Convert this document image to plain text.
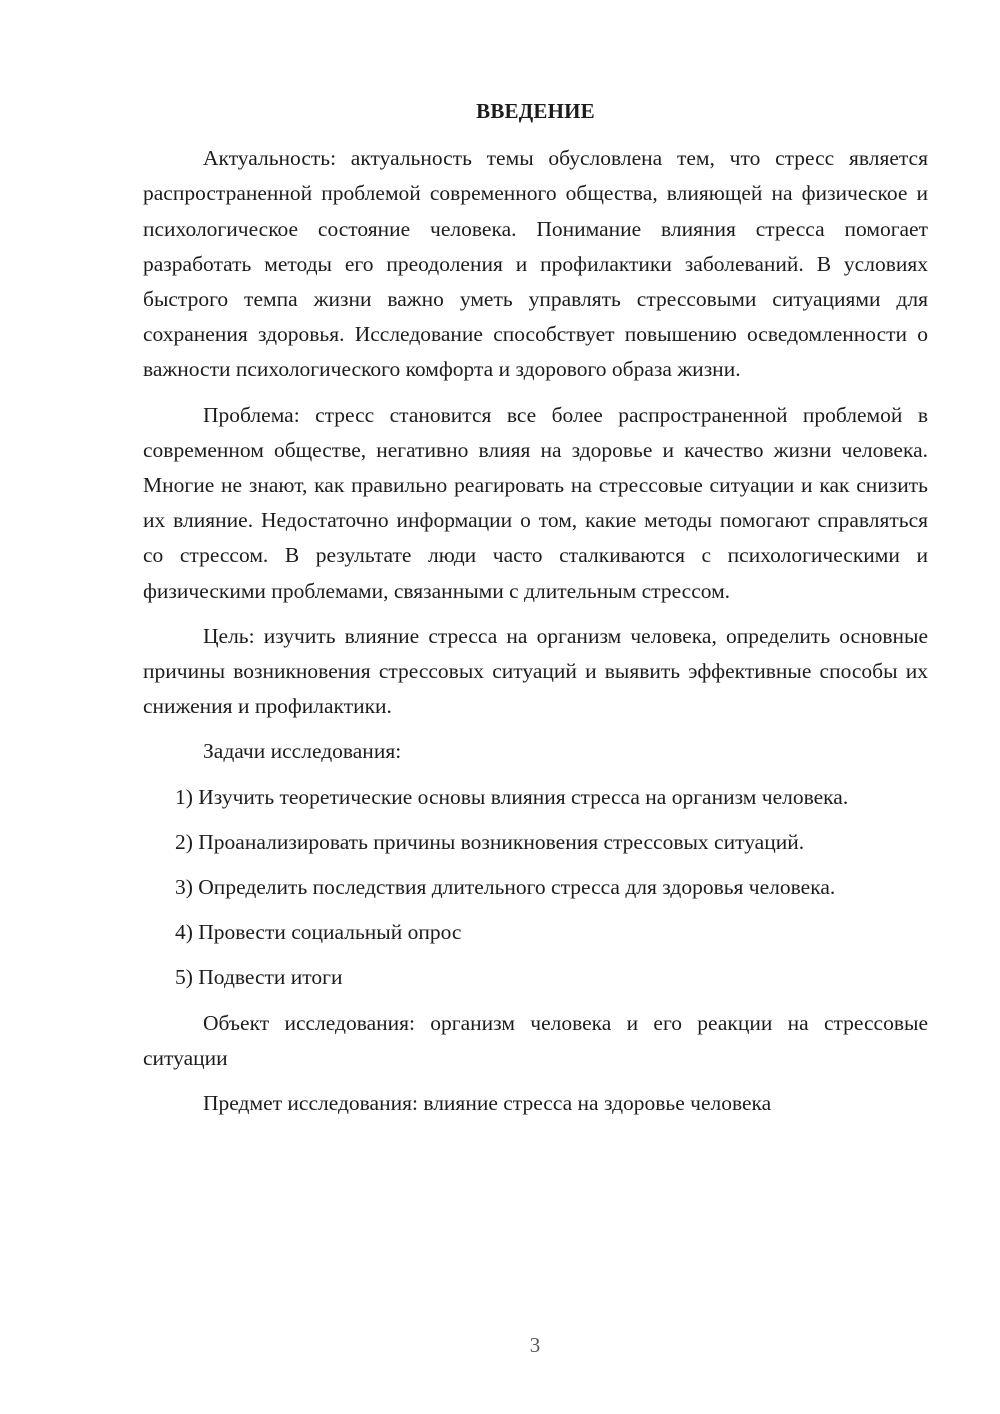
ВВЕДЕНИЕ

Актуальность: актуальность темы обусловлена тем, что стресс является распространенной проблемой современного общества, влияющей на физическое и психологическое состояние человека. Понимание влияния стресса помогает разработать методы его преодоления и профилактики заболеваний. В условиях быстрого темпа жизни важно уметь управлять стрессовыми ситуациями для сохранения здоровья. Исследование способствует повышению осведомленности о важности психологического комфорта и здорового образа жизни.

Проблема: стресс становится все более распространенной проблемой в современном обществе, негативно влияя на здоровье и качество жизни человека. Многие не знают, как правильно реагировать на стрессовые ситуации и как снизить их влияние. Недостаточно информации о том, какие методы помогают справляться со стрессом. В результате люди часто сталкиваются с психологическими и физическими проблемами, связанными с длительным стрессом.

Цель: изучить влияние стресса на организм человека, определить основные причины возникновения стрессовых ситуаций и выявить эффективные способы их снижения и профилактики.

Задачи исследования:

1) Изучить теоретические основы влияния стресса на организм человека.

2) Проанализировать причины возникновения стрессовых ситуаций.

3) Определить последствия длительного стресса для здоровья человека.

4) Провести социальный опрос

5) Подвести итоги

Объект исследования: организм человека и его реакции на стрессовые ситуации

Предмет исследования: влияние стресса на здоровье человека

3
